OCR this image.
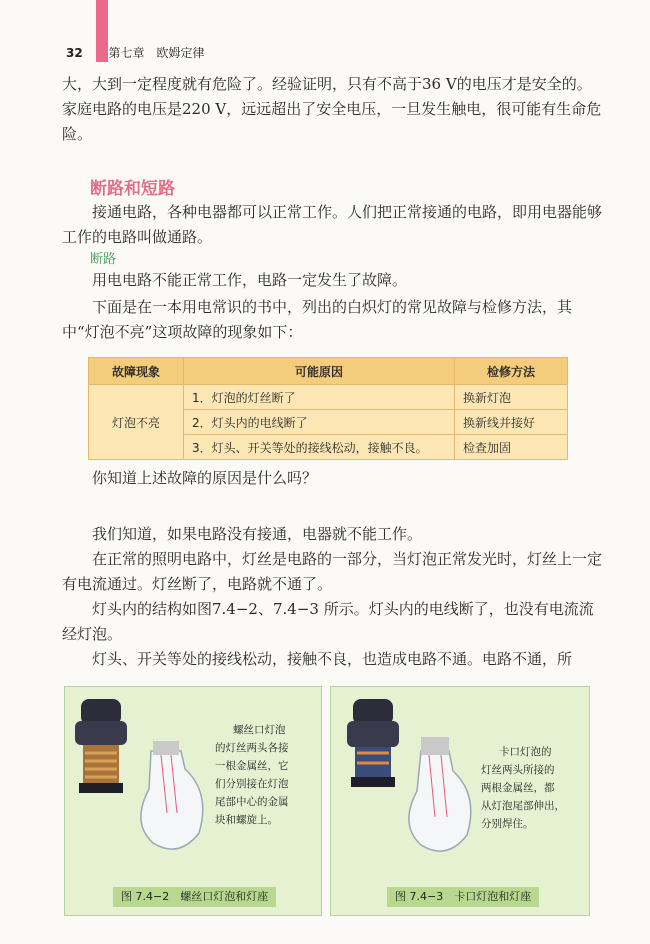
32 第七章　欧姆定律

大，大到一定程度就有危险了。经验证明，只有不高于36 V的电压才是安全的。家庭电路的电压是220 V，远远超出了安全电压，一旦发生触电，很可能有生命危险。

断路和短路

接通电路，各种电器都可以正常工作。人们把正常接通的电路，即用电器能够工作的电路叫做通路。

断路

用电电路不能正常工作，电路一定发生了故障。

下面是在一本用电常识的书中，列出的白炽灯的常见故障与检修方法，其中“灯泡不亮”这项故障的现象如下：

故障现象	可能原因	检修方法
灯泡不亮	1．灯泡的灯丝断了	换新灯泡
	2．灯头内的电线断了	换新线并接好
	3．灯头、开关等处的接线松动，接触不良。	检查加固

你知道上述故障的原因是什么吗？

我们知道，如果电路没有接通，电器就不能工作。

在正常的照明电路中，灯丝是电路的一部分，当灯泡正常发光时，灯丝上一定有电流通过。灯丝断了，电路就不通了。

灯头内的结构如图7.4−2、7.4−3 所示。灯头内的电线断了，也没有电流流经灯泡。

灯头、开关等处的接线松动，接触不良，也造成电路不通。电路不通，所

螺丝口灯泡
的灯丝两头各接
一根金属丝，它
们分别接在灯泡
尾部中心的金属
块和螺旋上。
图 7.4−2　螺丝口灯泡和灯座
卡口灯泡的
灯丝两头所接的
两根金属丝，都
从灯泡尾部伸出，
分别焊住。
图 7.4−3　卡口灯泡和灯座
